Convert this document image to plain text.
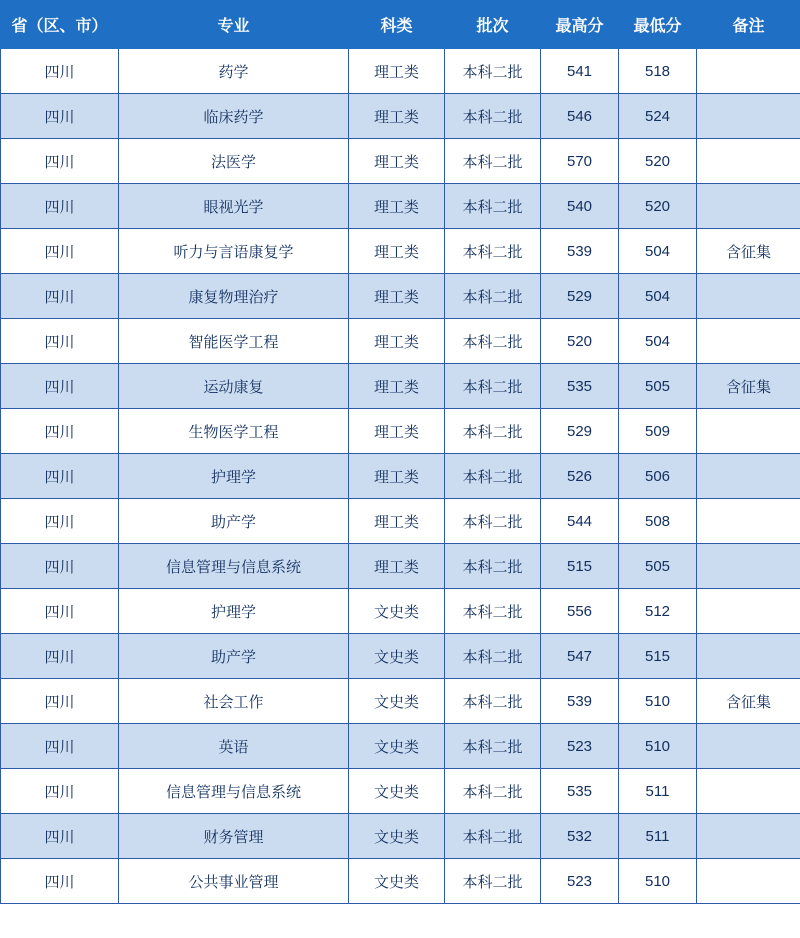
省（区、市）	专业	科类	批次	最高分	最低分	备注
四川	药学	理工类	本科二批	541	518	
四川	临床药学	理工类	本科二批	546	524	
四川	法医学	理工类	本科二批	570	520	
四川	眼视光学	理工类	本科二批	540	520	
四川	听力与言语康复学	理工类	本科二批	539	504	含征集
四川	康复物理治疗	理工类	本科二批	529	504	
四川	智能医学工程	理工类	本科二批	520	504	
四川	运动康复	理工类	本科二批	535	505	含征集
四川	生物医学工程	理工类	本科二批	529	509	
四川	护理学	理工类	本科二批	526	506	
四川	助产学	理工类	本科二批	544	508	
四川	信息管理与信息系统	理工类	本科二批	515	505	
四川	护理学	文史类	本科二批	556	512	
四川	助产学	文史类	本科二批	547	515	
四川	社会工作	文史类	本科二批	539	510	含征集
四川	英语	文史类	本科二批	523	510	
四川	信息管理与信息系统	文史类	本科二批	535	511	
四川	财务管理	文史类	本科二批	532	511	
四川	公共事业管理	文史类	本科二批	523	510	
